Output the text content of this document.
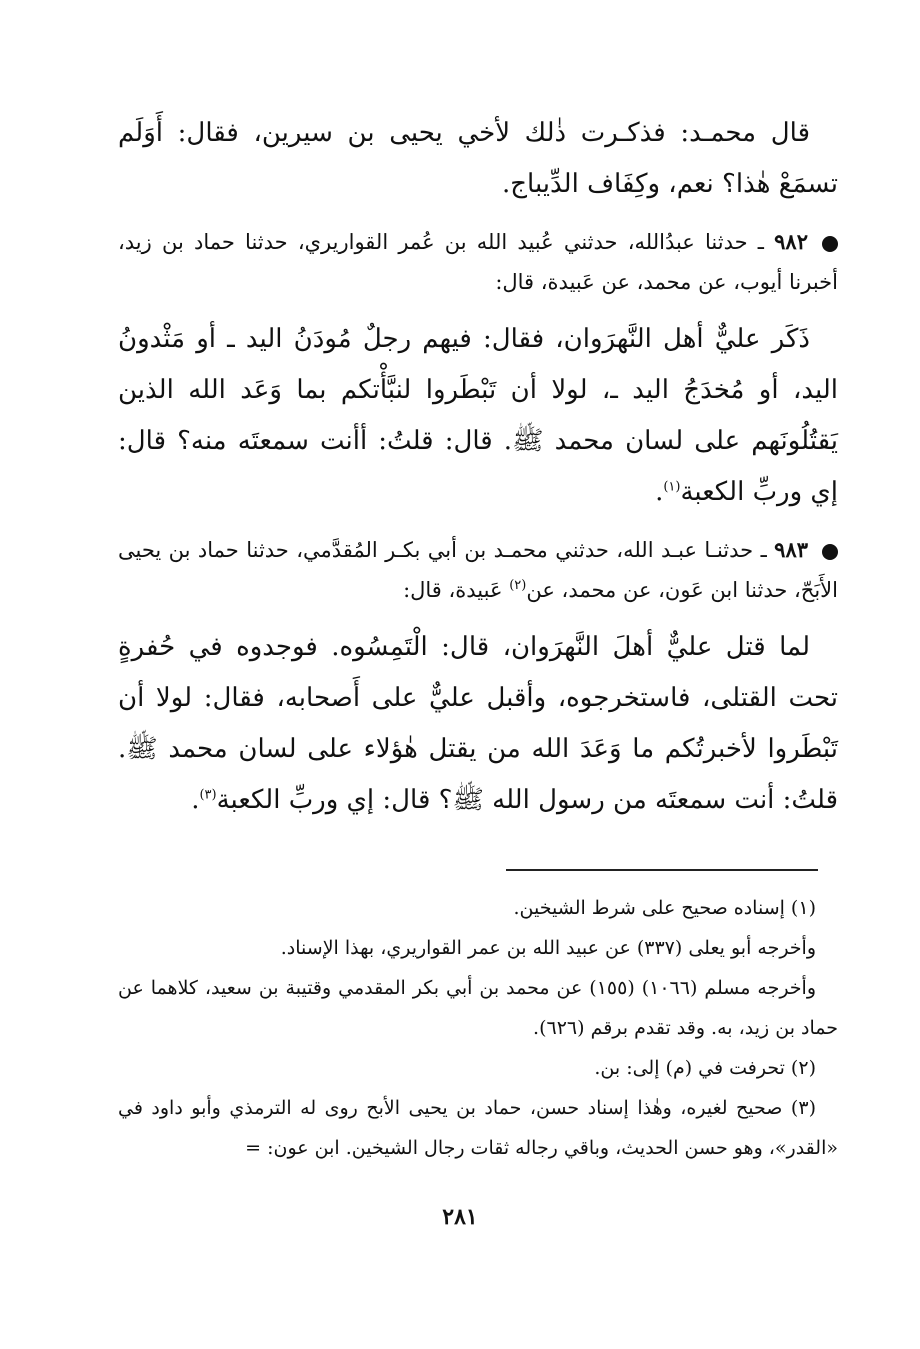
قال محمـد: فذكـرت ذٰلك لأخي يحيى بن سيرين، فقال: أَوَلَم تسمَعْ هٰذا؟ نعم، وكِفَاف الدِّيباج.

٩٨٢ ـ حدثنا عبدُالله، حدثني عُبيد الله بن عُمر القواريري، حدثنا حماد بن زيد، أخبرنا أيوب، عن محمد، عن عَبيدة، قال:

ذَكَر عليٌّ أهل النَّهرَوان، فقال: فيهم رجلٌ مُودَنُ اليد ـ أو مَثْدونُ اليد، أو مُخدَجُ اليد ـ، لولا أن تَبْطَروا لنبَّأْتكم بما وَعَد الله الذين يَقتُلُونَهم على لسان محمد ﷺ. قال: قلتُ: أأنت سمعتَه منه؟ قال: إي وربِّ الكعبة$^{(١)}$.

٩٨٣ ـ حدثنـا عبـد الله، حدثني محمـد بن أبي بكـر المُقدَّمي، حدثنا حماد بن يحيى الأَبَحّ، حدثنا ابن عَون، عن محمد، عن$^{(٢)}$ عَبيدة، قال:

لما قتل عليٌّ أهلَ النَّهرَوان، قال: الْتَمِسُوه. فوجدوه في حُفرةٍ تحت القتلى، فاستخرجوه، وأقبل عليٌّ على أَصحابه، فقال: لولا أن تَبْطَروا لأخبرتُكم ما وَعَدَ الله من يقتل هٰؤلاء على لسان محمد ﷺ. قلتُ: أنت سمعتَه من رسول الله ﷺ؟ قال: إي وربِّ الكعبة$^{(٣)}$.

(١) إسناده صحيح على شرط الشيخين.

وأخرجه أبو يعلى (٣٣٧) عن عبيد الله بن عمر القواريري، بهذا الإسناد.

وأخرجه مسلم (١٠٦٦) (١٥٥) عن محمد بن أبي بكر المقدمي وقتيبة بن سعيد، كلاهما عن حماد بن زيد، به. وقد تقدم برقم (٦٢٦).

(٢) تحرفت في (م) إلى: بن.

(٣) صحيح لغيره، وهٰذا إسناد حسن، حماد بن يحيى الأبح روى له الترمذي وأبو داود في «القدر»، وهو حسن الحديث، وباقي رجاله ثقات رجال الشيخين. ابن عون: =

٢٨١
